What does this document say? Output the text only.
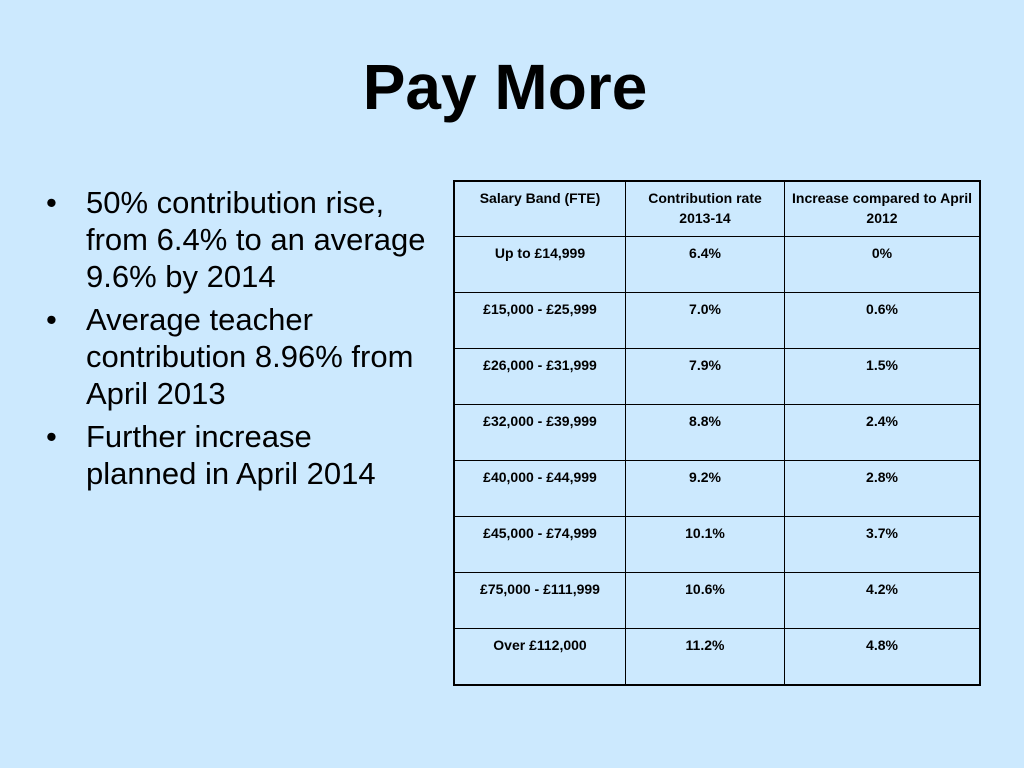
Pay More
• 50% contribution rise, from 6.4% to an average 9.6% by 2014
• Average teacher contribution 8.96% from April 2013
• Further increase planned in April 2014
Salary Band (FTE)	Contribution rate 2013-14	Increase compared to April 2012
Up to £14,999	6.4%	0%
£15,000 - £25,999	7.0%	0.6%
£26,000 - £31,999	7.9%	1.5%
£32,000 - £39,999	8.8%	2.4%
£40,000 - £44,999	9.2%	2.8%
£45,000 - £74,999	10.1%	3.7%
£75,000 - £111,999	10.6%	4.2%
Over £112,000	11.2%	4.8%
